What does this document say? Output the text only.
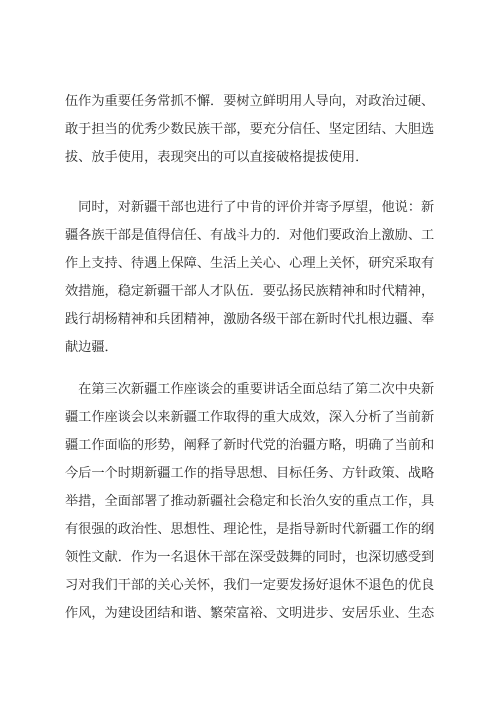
伍作为重要任务常抓不懈．要树立鲜明用人导向，对政治过硬、
敢于担当的优秀少数民族干部，要充分信任、坚定团结、大胆选
拔、放手使用，表现突出的可以直接破格提拔使用．
　同时，对新疆干部也进行了中肯的评价并寄予厚望，他说：新
疆各族干部是值得信任、有战斗力的．对他们要政治上激励、工
作上支持、待遇上保障、生活上关心、心理上关怀，研究采取有
效措施，稳定新疆干部人才队伍．要弘扬民族精神和时代精神，
践行胡杨精神和兵团精神，激励各级干部在新时代扎根边疆、奉
献边疆．
　在第三次新疆工作座谈会的重要讲话全面总结了第二次中央新
疆工作座谈会以来新疆工作取得的重大成效，深入分析了当前新
疆工作面临的形势，阐释了新时代党的治疆方略，明确了当前和
今后一个时期新疆工作的指导思想、目标任务、方针政策、战略
举措，全面部署了推动新疆社会稳定和长治久安的重点工作，具
有很强的政治性、思想性、理论性，是指导新时代新疆工作的纲
领性文献．作为一名退休干部在深受鼓舞的同时，也深切感受到
习对我们干部的关心关怀，我们一定要发扬好退休不退色的优良
作风，为建设团结和谐、繁荣富裕、文明进步、安居乐业、生态
